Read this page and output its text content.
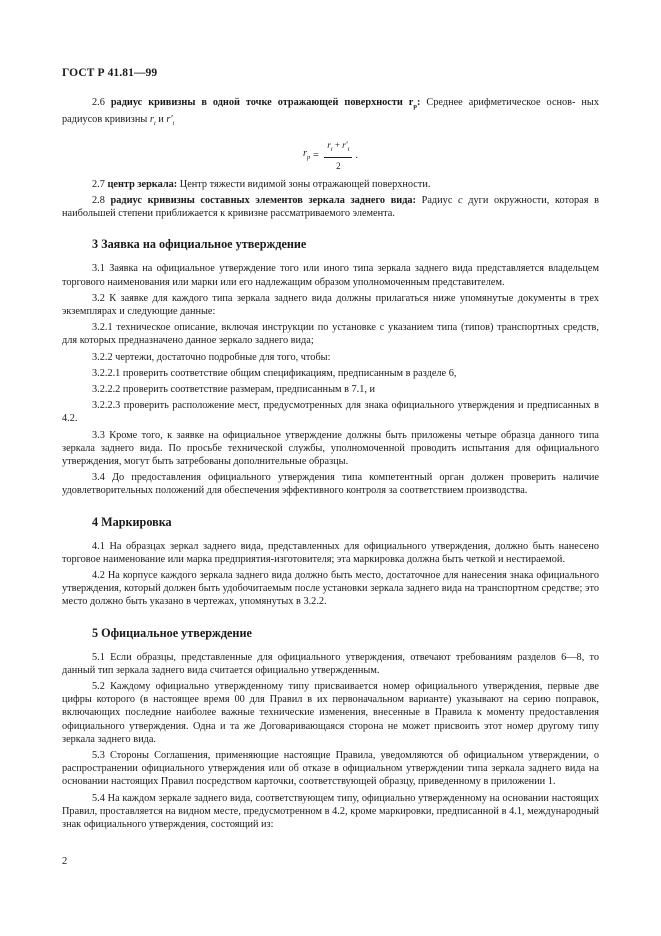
ГОСТ Р 41.81—99

2.6 радиус кривизны в одной точке отражающей поверхности $r_p$: Среднее арифметическое основ- ных радиусов кривизны $r_i$ и $r'_i$

$r_p = \frac{r_i + r'_i}{2}$ .

2.7 центр зеркала: Центр тяжести видимой зоны отражающей поверхности.

2.8 радиус кривизны составных элементов зеркала заднего вида: Радиус c дуги окружности, которая в наибольшей степени приближается к кривизне рассматриваемого элемента.

3 Заявка на официальное утверждение

3.1 Заявка на официальное утверждение того или иного типа зеркала заднего вида представляется владельцем торгового наименования или марки или его надлежащим образом уполномоченным представителем.

3.2 К заявке для каждого типа зеркала заднего вида должны прилагаться ниже упомянутые документы в трех экземплярах и следующие данные:

3.2.1 техническое описание, включая инструкции по установке с указанием типа (типов) транспортных средств, для которых предназначено данное зеркало заднего вида;

3.2.2 чертежи, достаточно подробные для того, чтобы:

3.2.2.1 проверить соответствие общим спецификациям, предписанным в разделе 6,

3.2.2.2 проверить соответствие размерам, предписанным в 7.1, и

3.2.2.3 проверить расположение мест, предусмотренных для знака официального утверждения и предписанных в 4.2.

3.3 Кроме того, к заявке на официальное утверждение должны быть приложены четыре образца данного типа зеркала заднего вида. По просьбе технической службы, уполномоченной проводить испытания для официального утверждения, могут быть затребованы дополнительные образцы.

3.4 До предоставления официального утверждения типа компетентный орган должен проверить наличие удовлетворительных положений для обеспечения эффективного контроля за соответствием производства.

4 Маркировка

4.1 На образцах зеркал заднего вида, представленных для официального утверждения, должно быть нанесено торговое наименование или марка предприятия-изготовителя; эта маркировка должна быть четкой и нестираемой.

4.2 На корпусе каждого зеркала заднего вида должно быть место, достаточное для нанесения знака официального утверждения, который должен быть удобочитаемым после установки зеркала заднего вида на транспортном средстве; это место должно быть указано в чертежах, упомянутых в 3.2.2.

5 Официальное утверждение

5.1 Если образцы, представленные для официального утверждения, отвечают требованиям разделов 6—8, то данный тип зеркала заднего вида считается официально утвержденным.

5.2 Каждому официально утвержденному типу присваивается номер официального утверждения, первые две цифры которого (в настоящее время 00 для Правил в их первоначальном варианте) указывают на серию поправок, включающих последние наиболее важные технические изменения, внесенные в Правила к моменту предоставления официального утверждения. Одна и та же Договаривающаяся сторона не может присвоить этот номер другому типу зеркала заднего вида.

5.3 Стороны Соглашения, применяющие настоящие Правила, уведомляются об официальном утверждении, о распространении официального утверждения или об отказе в официальном утверждении типа зеркала заднего вида на основании настоящих Правил посредством карточки, соответствующей образцу, приведенному в приложении 1.

5.4 На каждом зеркале заднего вида, соответствующем типу, официально утвержденному на основании настоящих Правил, проставляется на видном месте, предусмотренном в 4.2, кроме маркировки, предписанной в 4.1, международный знак официального утверждения, состоящий из:

2
